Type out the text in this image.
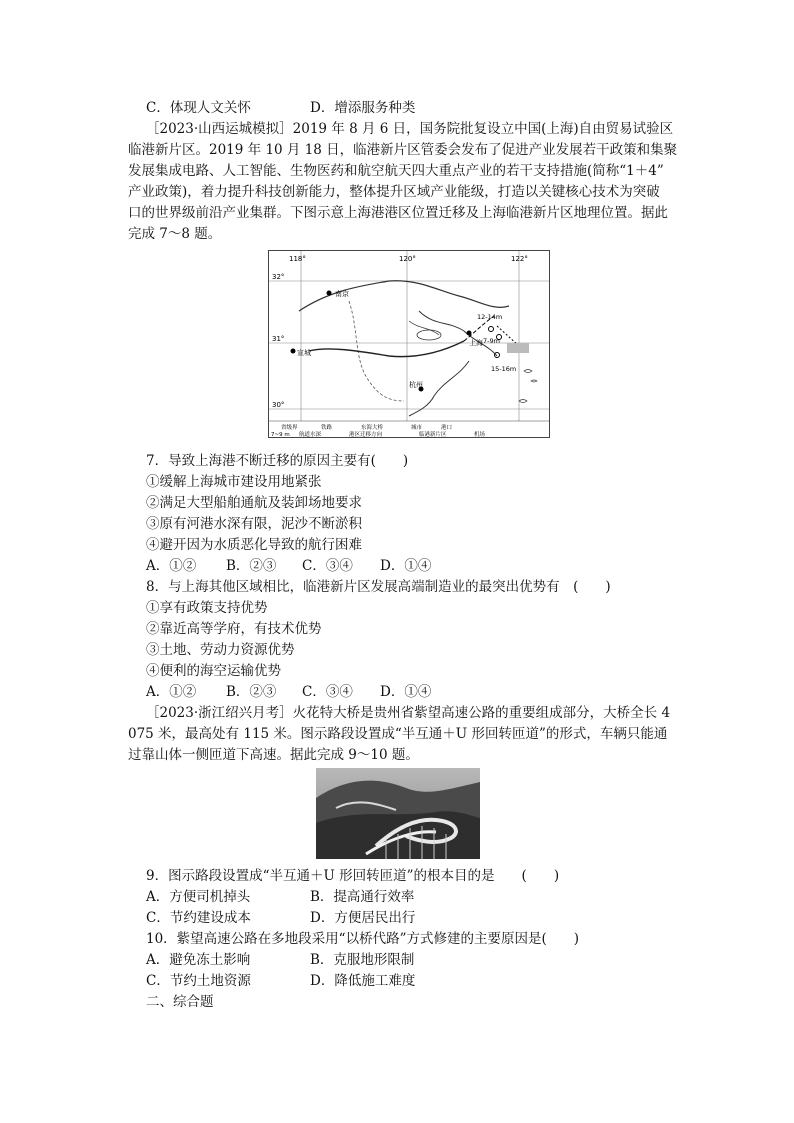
C．体现人文关怀	D．增添服务种类
［2023·山西运城模拟］2019 年 8 月 6 日，国务院批复设立中国(上海)自由贸易试验区
临港新片区。2019 年 10 月 18 日，临港新片区管委会发布了促进产业发展若干政策和集聚
发展集成电路、人工智能、生物医药和航空航天四大重点产业的若干支持措施(简称“1＋4”
产业政策)，着力提升科技创新能力，整体提升区域产业能级，打造以关键核心技术为突破
口的世界级前沿产业集群。下图示意上海港港区位置迁移及上海临港新片区地理位置。据此
完成 7～8 题。
118°	120°	122°
32°
31°
30°
南京
上海
杭州
宣城
12-14m
7-9m
15-16m
省级界	铁路	东海大桥	城市	港口
7~9 m 航道水深	港区迁移方向	临港新片区	机场
7．导致上海港不断迁移的原因主要有(　　)
①缓解上海城市建设用地紧张
②满足大型船舶通航及装卸场地要求
③原有河港水深有限，泥沙不断淤积
④避开因为水质恶化导致的航行困难
A．①② B．②③ C．③④ D．①④
8．与上海其他区域相比，临港新片区发展高端制造业的最突出优势有　(　　)
①享有政策支持优势
②靠近高等学府，有技术优势
③土地、劳动力资源优势
④便利的海空运输优势
A．①② B．②③ C．③④ D．①④
［2023·浙江绍兴月考］火花特大桥是贵州省紫望高速公路的重要组成部分，大桥全长 4
075 米，最高处有 115 米。图示路段设置成“半互通＋U 形回转匝道”的形式，车辆只能通
过靠山体一侧匝道下高速。据此完成 9～10 题。
9．图示路段设置成“半互通＋U 形回转匝道”的根本目的是　　(　　)
A．方便司机掉头	B．提高通行效率
C．节约建设成本	D．方便居民出行
10．紫望高速公路在多地段采用“以桥代路”方式修建的主要原因是(　　)
A．避免冻土影响	B．克服地形限制
C．节约土地资源	D．降低施工难度
二、综合题
